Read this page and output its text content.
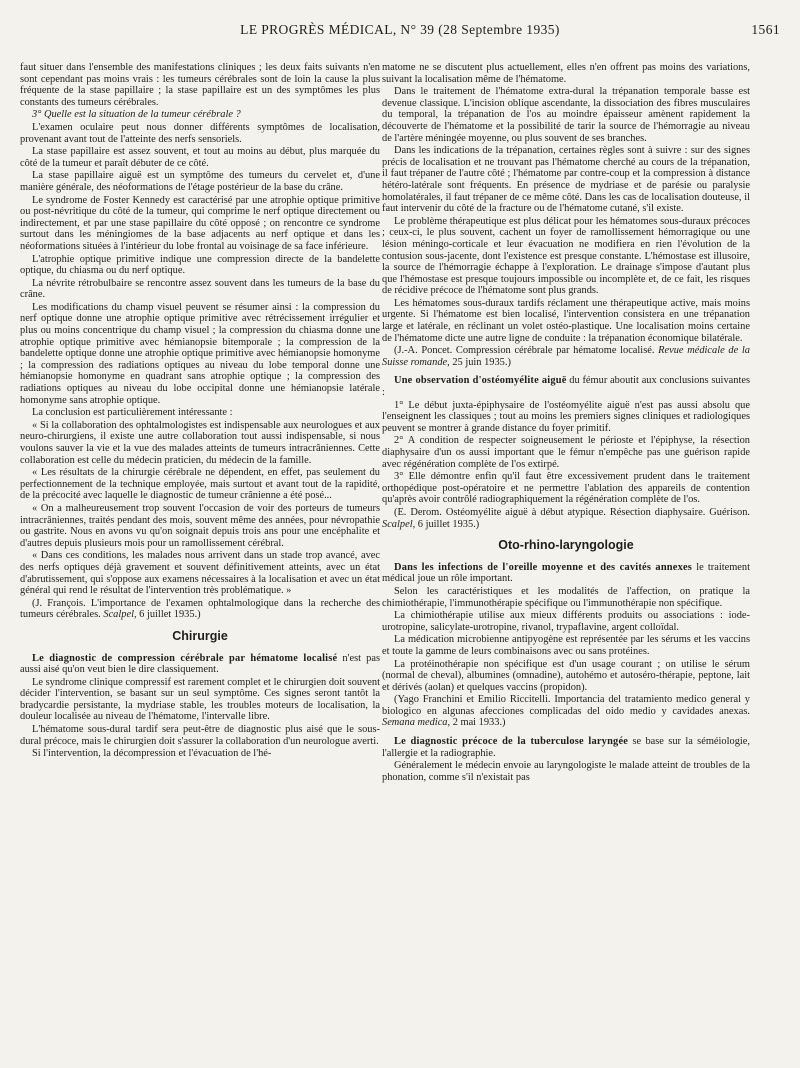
LE PROGRÈS MÉDICAL, N° 39 (28 Septembre 1935)	1561

faut situer dans l'ensemble des manifestations cliniques ; les deux faits suivants n'en sont cependant pas moins vrais : les tumeurs cérébrales sont de loin la cause la plus fréquente de la stase papillaire ; la stase papillaire est un des symptômes les plus constants des tumeurs cérébrales.

3° Quelle est la situation de la tumeur cérébrale ?

L'examen oculaire peut nous donner différents symptômes de localisation, provenant avant tout de l'atteinte des nerfs sensoriels.

La stase papillaire est assez souvent, et tout au moins au début, plus marquée du côté de la tumeur et paraît débuter de ce côté.

La stase papillaire aiguë est un symptôme des tumeurs du cervelet et, d'une manière générale, des néoformations de l'étage postérieur de la base du crâne.

Le syndrome de Foster Kennedy est caractérisé par une atrophie optique primitive ou post-névritique du côté de la tumeur, qui comprime le nerf optique directement ou indirectement, et par une stase papillaire du côté opposé ; on rencontre ce syndrome surtout dans les méningiomes de la base adjacents au nerf optique et dans les néoformations situées à l'intérieur du lobe frontal au voisinage de sa face inférieure.

L'atrophie optique primitive indique une compression directe de la bandelette optique, du chiasma ou du nerf optique.

La névrite rétrobulbaire se rencontre assez souvent dans les tumeurs de la base du crâne.

Les modifications du champ visuel peuvent se résumer ainsi : la compression du nerf optique donne une atrophie optique primitive avec rétrécissement irrégulier et plus ou moins concentrique du champ visuel ; la compression du chiasma donne une atrophie optique primitive avec hémianopsie bitemporale ; la compression de la bandelette optique donne une atrophie optique primitive avec hémianopsie homonyme ; la compression des radiations optiques au niveau du lobe temporal donne une hémianopsie homonyme en quadrant sans atrophie optique ; la compression des radiations optiques au niveau du lobe occipital donne une hémianopsie latérale homonyme sans atrophie optique.

La conclusion est particulièrement intéressante :

« Si la collaboration des ophtalmologistes est indispensable aux neurologues et aux neuro-chirurgiens, il existe une autre collaboration tout aussi indispensable, si nous voulons sauver la vie et la vue des malades atteints de tumeurs intracrâniennes. Cette collaboration est celle du médecin praticien, du médecin de la famille.

« Les résultats de la chirurgie cérébrale ne dépendent, en effet, pas seulement du perfectionnement de la technique employée, mais surtout et avant tout de la rapidité, de la précocité avec laquelle le diagnostic de tumeur crânienne a été posé...

« On a malheureusement trop souvent l'occasion de voir des porteurs de tumeurs intracrâniennes, traités pendant des mois, souvent même des années, pour névropathie ou gastrite. Nous en avons vu qu'on soignait depuis trois ans pour une encéphalite et d'autres depuis plusieurs mois pour un ramollissement cérébral.

« Dans ces conditions, les malades nous arrivent dans un stade trop avancé, avec des nerfs optiques déjà gravement et souvent définitivement atteints, avec un état d'abrutissement, qui s'oppose aux examens nécessaires à la localisation et avec un état général qui rend le résultat de l'intervention très problématique. »

(J. François. L'importance de l'examen ophtalmologique dans la recherche des tumeurs cérébrales. Scalpel, 6 juillet 1935.)

Chirurgie

Le diagnostic de compression cérébrale par hématome localisé n'est pas aussi aisé qu'on veut bien le dire classiquement.

Le syndrome clinique compressif est rarement complet et le chirurgien doit souvent décider l'intervention, se basant sur un seul symptôme. Ces signes seront tantôt la bradycardie persistante, la mydriase stable, les troubles moteurs de localisation, la douleur localisée au niveau de l'hématome, l'intervalle libre.

L'hématome sous-dural tardif sera peut-être de diagnostic plus aisé que le sous-dural précoce, mais le chirurgien doit s'assurer la collaboration d'un neurologue averti.

Si l'intervention, la décompression et l'évacuation de l'hé-

matome ne se discutent plus actuellement, elles n'en offrent pas moins des variations, suivant la localisation même de l'hématome.

Dans le traitement de l'hématome extra-dural la trépanation temporale basse est devenue classique. L'incision oblique ascendante, la dissociation des fibres musculaires du temporal, la trépanation de l'os au moindre épaisseur amènent rapidement la découverte de l'hématome et la possibilité de tarir la source de l'hémorragie au niveau de l'artère méningée moyenne, ou plus souvent de ses branches.

Dans les indications de la trépanation, certaines règles sont à suivre : sur des signes précis de localisation et ne trouvant pas l'hématome cherché au cours de la trépanation, il faut trépaner de l'autre côté ; l'hématome par contre-coup et la compression à distance hétéro-latérale sont fréquents. En présence de mydriase et de parésie ou paralysie homolatérales, il faut trépaner de ce même côté. Dans les cas de localisation douteuse, il faut intervenir du côté de la fracture ou de l'hématome cutané, s'il existe.

Le problème thérapeutique est plus délicat pour les hématomes sous-duraux précoces ; ceux-ci, le plus souvent, cachent un foyer de ramollissement hémorragique ou une lésion méningo-corticale et leur évacuation ne modifiera en rien l'évolution de la contusion sous-jacente, dont l'existence est presque constante. L'hémostase est illusoire, la source de l'hémorragie échappe à l'exploration. Le drainage s'impose d'autant plus que l'hémostase est presque toujours impossible ou incomplète et, de ce fait, les risques de récidive précoce de l'hématome sont plus grands.

Les hématomes sous-duraux tardifs réclament une thérapeutique active, mais moins urgente. Si l'hématome est bien localisé, l'intervention consistera en une trépanation large et latérale, en réclinant un volet ostéo-plastique. Une localisation moins certaine de l'hématome dicte une autre ligne de conduite : la trépanation économique bilatérale.

(J.-A. Poncet. Compression cérébrale par hématome localisé. Revue médicale de la Suisse romande, 25 juin 1935.)

Une observation d'ostéomyélite aiguë du fémur aboutit aux conclusions suivantes :

1° Le début juxta-épiphysaire de l'ostéomyélite aiguë n'est pas aussi absolu que l'enseignent les classiques ; tout au moins les premiers signes cliniques et radiologiques peuvent se montrer à grande distance du foyer primitif.

2° A condition de respecter soigneusement le périoste et l'épiphyse, la résection diaphysaire d'un os aussi important que le fémur n'empêche pas une guérison rapide avec régénération complète de l'os extirpé.

3° Elle démontre enfin qu'il faut être excessivement prudent dans le traitement orthopédique post-opératoire et ne permettre l'ablation des appareils de contention qu'après avoir contrôlé radiographiquement la régénération complète de l'os.

(E. Derom. Ostéomyélite aiguë à début atypique. Résection diaphysaire. Guérison. Scalpel, 6 juillet 1935.)

Oto-rhino-laryngologie

Dans les infections de l'oreille moyenne et des cavités annexes le traitement médical joue un rôle important.

Selon les caractéristiques et les modalités de l'affection, on pratique la chimiothérapie, l'immunothérapie spécifique ou l'immunothérapie non spécifique.

La chimiothérapie utilise aux mieux différents produits ou associations : iode-urotropine, salicylate-urotropine, rivanol, trypaflavine, argent colloïdal.

La médication microbienne antipyogène est représentée par les sérums et les vaccins et toute la gamme de leurs combinaisons avec ou sans protéines.

La protéinothérapie non spécifique est d'un usage courant ; on utilise le sérum (normal de cheval), albumines (omnadine), autohémo et autoséro-thérapie, peptone, lait et dérivés (aolan) et quelques vaccins (propidon).

(Yago Franchini et Emilio Riccitelli. Importancia del tratamiento medico general y biologico en algunas afecciones complicadas del oido medio y cavidades anexas. Semana medica, 2 mai 1933.)

Le diagnostic précoce de la tuberculose laryngée se base sur la séméiologie, l'allergie et la radiographie.

Généralement le médecin envoie au laryngologiste le malade atteint de troubles de la phonation, comme s'il n'existait pas
